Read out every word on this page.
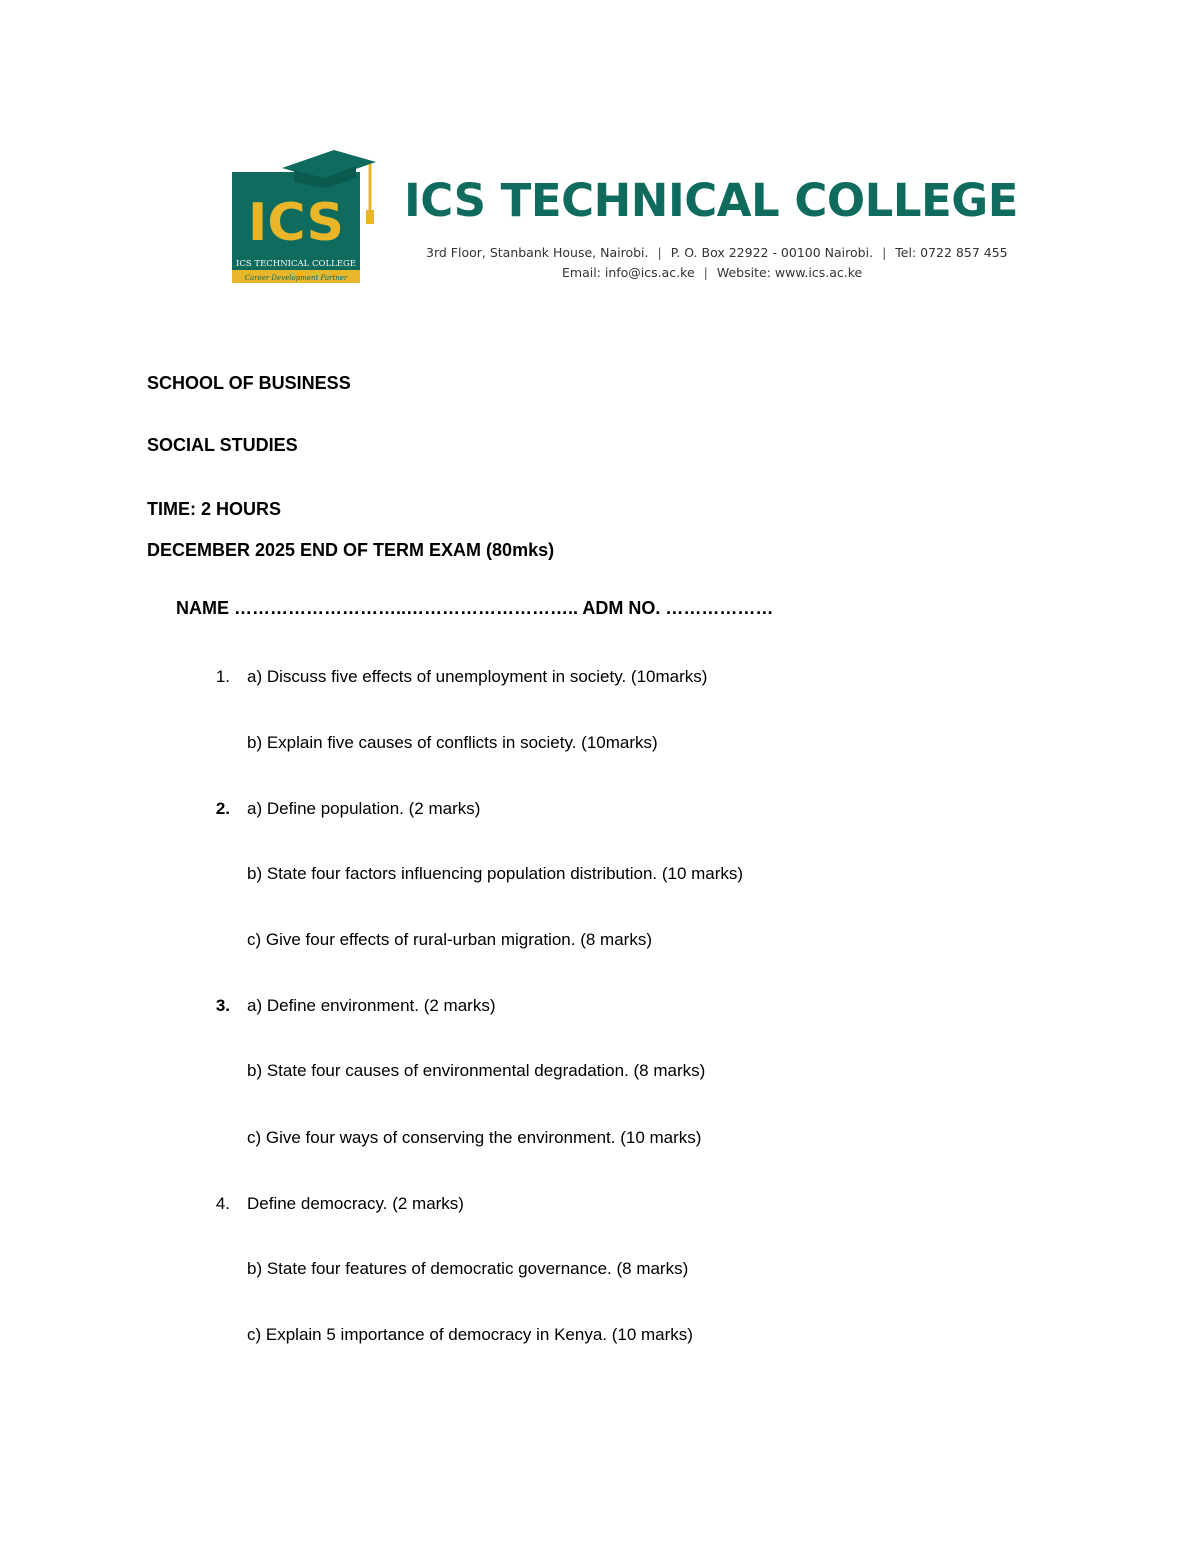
ICS
ICS TECHNICAL COLLEGE
Career Development Partner
ICS TECHNICAL COLLEGE
3rd Floor, Stanbank House, Nairobi. | P. O. Box 22922 - 00100 Nairobi. | Tel: 0722 857 455
Email: info@ics.ac.ke | Website: www.ics.ac.ke
SCHOOL OF BUSINESS
SOCIAL STUDIES
TIME: 2 HOURS
DECEMBER 2025 END OF TERM EXAM (80mks)
NAME ………………………..……………………….. ADM NO. ………………
1. a) Discuss five effects of unemployment in society. (10marks)
b) Explain five causes of conflicts in society. (10marks)
2. a) Define population. (2 marks)
b) State four factors influencing population distribution. (10 marks)
c) Give four effects of rural-urban migration. (8 marks)
3. a) Define environment. (2 marks)
b) State four causes of environmental degradation. (8 marks)
c) Give four ways of conserving the environment. (10 marks)
4. Define democracy. (2 marks)
b) State four features of democratic governance. (8 marks)
c) Explain 5 importance of democracy in Kenya. (10 marks)
